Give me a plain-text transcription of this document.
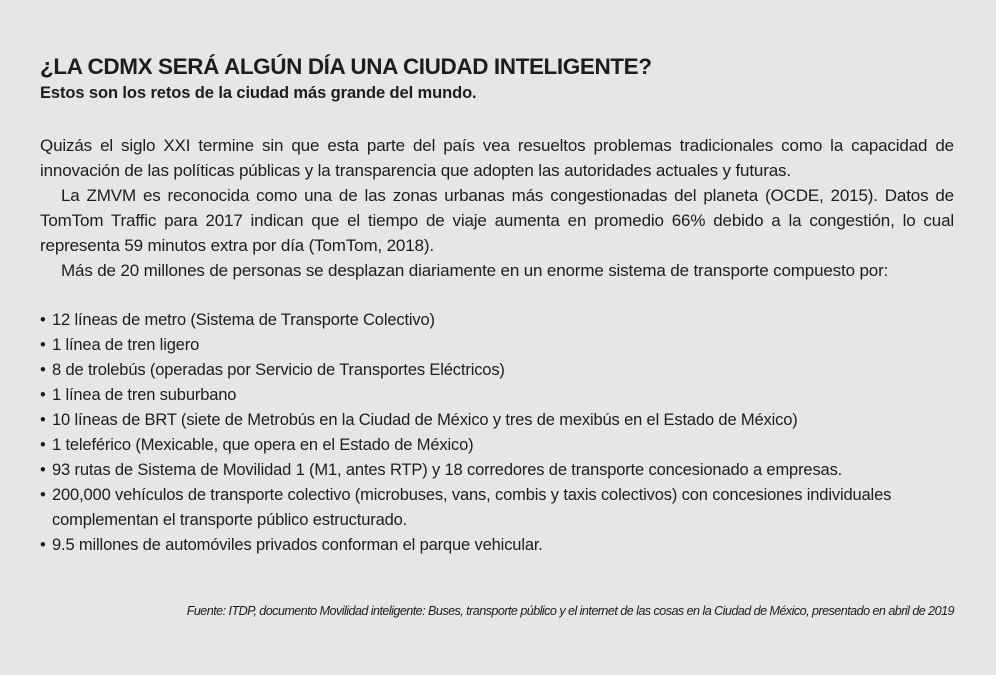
¿LA CDMX SERÁ ALGÚN DÍA UNA CIUDAD INTELIGENTE?

Estos son los retos de la ciudad más grande del mundo.

Quizás el siglo XXI termine sin que esta parte del país vea resueltos problemas tradicionales como la capacidad de innovación de las políticas públicas y la transparencia que adopten las autoridades actuales y futuras.

La ZMVM es reconocida como una de las zonas urbanas más congestionadas del planeta (OCDE, 2015). Datos de TomTom Traffic para 2017 indican que el tiempo de viaje aumenta en promedio 66% debido a la congestión, lo cual representa 59 minutos extra por día (TomTom, 2018).

Más de 20 millones de personas se desplazan diariamente en un enorme sistema de transporte compuesto por:

• 12 líneas de metro (Sistema de Transporte Colectivo)
• 1 línea de tren ligero
• 8 de trolebús (operadas por Servicio de Transportes Eléctricos)
• 1 línea de tren suburbano
• 10 líneas de BRT (siete de Metrobús en la Ciudad de México y tres de mexibús en el Estado de México)
• 1 teleférico (Mexicable, que opera en el Estado de México)
• 93 rutas de Sistema de Movilidad 1 (M1, antes RTP) y 18 corredores de transporte concesionado a empresas.
• 200,000 vehículos de transporte colectivo (microbuses, vans, combis y taxis colectivos) con concesiones individuales complementan el transporte público estructurado.
• 9.5 millones de automóviles privados conforman el parque vehicular.
Fuente: ITDP, documento Movilidad inteligente: Buses, transporte público y el internet de las cosas en la Ciudad de México, presentado en abril de 2019
